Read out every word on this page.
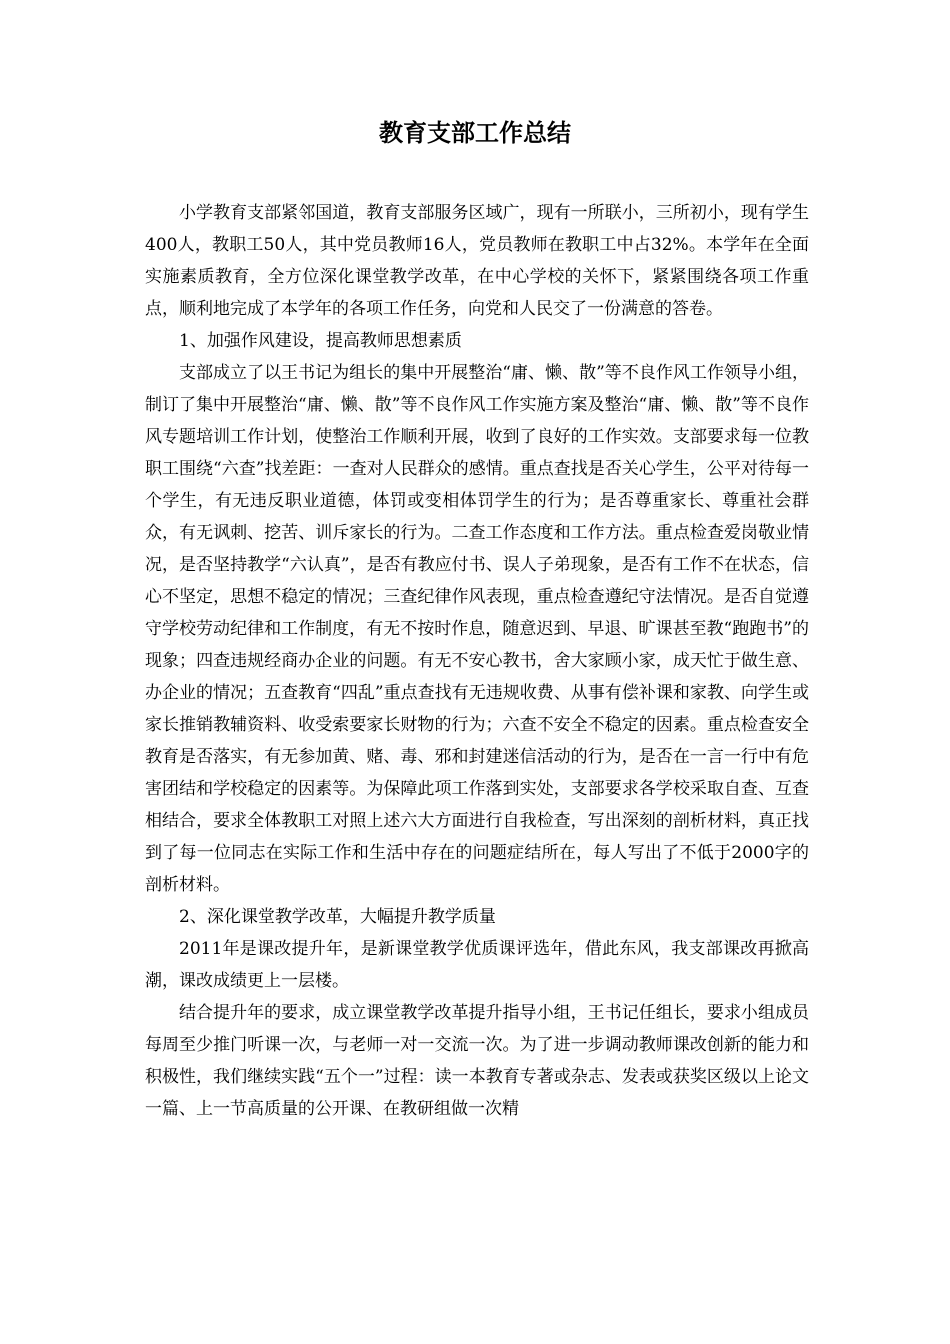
教育支部工作总结

小学教育支部紧邻国道，教育支部服务区域广，现有一所联小，三所初小，现有学生400人，教职工50人，其中党员教师16人，党员教师在教职工中占32%。本学年在全面实施素质教育，全方位深化课堂教学改革，在中心学校的关怀下，紧紧围绕各项工作重点，顺利地完成了本学年的各项工作任务，向党和人民交了一份满意的答卷。

1、加强作风建设，提高教师思想素质

支部成立了以王书记为组长的集中开展整治“庸、懒、散”等不良作风工作领导小组，制订了集中开展整治“庸、懒、散”等不良作风工作实施方案及整治“庸、懒、散”等不良作风专题培训工作计划，使整治工作顺利开展，收到了良好的工作实效。支部要求每一位教职工围绕“六查”找差距：一查对人民群众的感情。重点查找是否关心学生，公平对待每一个学生，有无违反职业道德，体罚或变相体罚学生的行为；是否尊重家长、尊重社会群众，有无讽刺、挖苦、训斥家长的行为。二查工作态度和工作方法。重点检查爱岗敬业情况，是否坚持教学“六认真”，是否有教应付书、误人子弟现象，是否有工作不在状态，信心不坚定，思想不稳定的情况；三查纪律作风表现，重点检查遵纪守法情况。是否自觉遵守学校劳动纪律和工作制度，有无不按时作息，随意迟到、早退、旷课甚至教“跑跑书”的现象；四查违规经商办企业的问题。有无不安心教书，舍大家顾小家，成天忙于做生意、办企业的情况；五查教育“四乱”重点查找有无违规收费、从事有偿补课和家教、向学生或家长推销教辅资料、收受索要家长财物的行为；六查不安全不稳定的因素。重点检查安全教育是否落实，有无参加黄、赌、毒、邪和封建迷信活动的行为，是否在一言一行中有危害团结和学校稳定的因素等。为保障此项工作落到实处，支部要求各学校采取自查、互查相结合，要求全体教职工对照上述六大方面进行自我检查，写出深刻的剖析材料，真正找到了每一位同志在实际工作和生活中存在的问题症结所在，每人写出了不低于2000字的剖析材料。

2、深化课堂教学改革，大幅提升教学质量

2011年是课改提升年，是新课堂教学优质课评选年，借此东风，我支部课改再掀高潮，课改成绩更上一层楼。

结合提升年的要求，成立课堂教学改革提升指导小组，王书记任组长，要求小组成员每周至少推门听课一次，与老师一对一交流一次。为了进一步调动教师课改创新的能力和积极性，我们继续实践“五个一”过程：读一本教育专著或杂志、发表或获奖区级以上论文一篇、上一节高质量的公开课、在教研组做一次精
